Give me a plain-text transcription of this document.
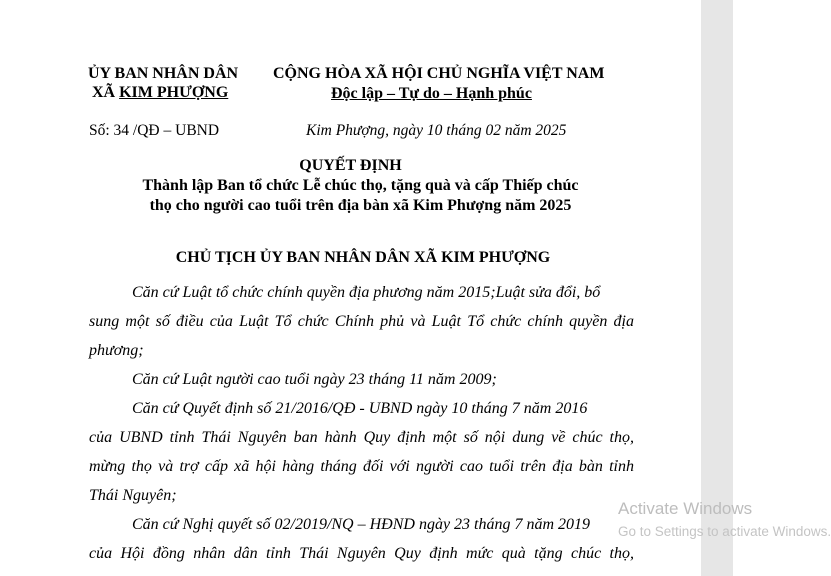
ỦY BAN NHÂN DÂN
XÃ KIM PHƯỢNG
CỘNG HÒA XÃ HỘI CHỦ NGHĨA VIỆT NAM
Độc lập – Tự do – Hạnh phúc
Số: 34 /QĐ – UBND	Kim Phượng, ngày 10 tháng 02 năm 2025
QUYẾT ĐỊNH
Thành lập Ban tổ chức Lễ chúc thọ, tặng quà và cấp Thiếp chúc
thọ cho người cao tuổi trên địa bàn xã Kim Phượng năm 2025
CHỦ TỊCH ỦY BAN NHÂN DÂN XÃ KIM PHƯỢNG
Căn cứ Luật tổ chức chính quyền địa phương năm 2015;Luật sửa đổi, bổ
sung một số điều của Luật Tổ chức Chính phủ và Luật Tổ chức chính quyền địa
phương;
Căn cứ Luật người cao tuổi ngày 23 tháng 11 năm 2009;
Căn cứ Quyết định số 21/2016/QĐ - UBND ngày 10 tháng 7 năm 2016
của UBND tỉnh Thái Nguyên ban hành Quy định một số nội dung về chúc thọ,
mừng thọ và trợ cấp xã hội hàng tháng đối với người cao tuổi trên địa bàn tỉnh
Thái Nguyên;
Căn cứ Nghị quyết số 02/2019/NQ – HĐND ngày 23 tháng 7 năm 2019
của Hội đồng nhân dân tỉnh Thái Nguyên Quy định mức quà tặng chúc thọ,
Activate Windows
Go to Settings to activate Windows.
